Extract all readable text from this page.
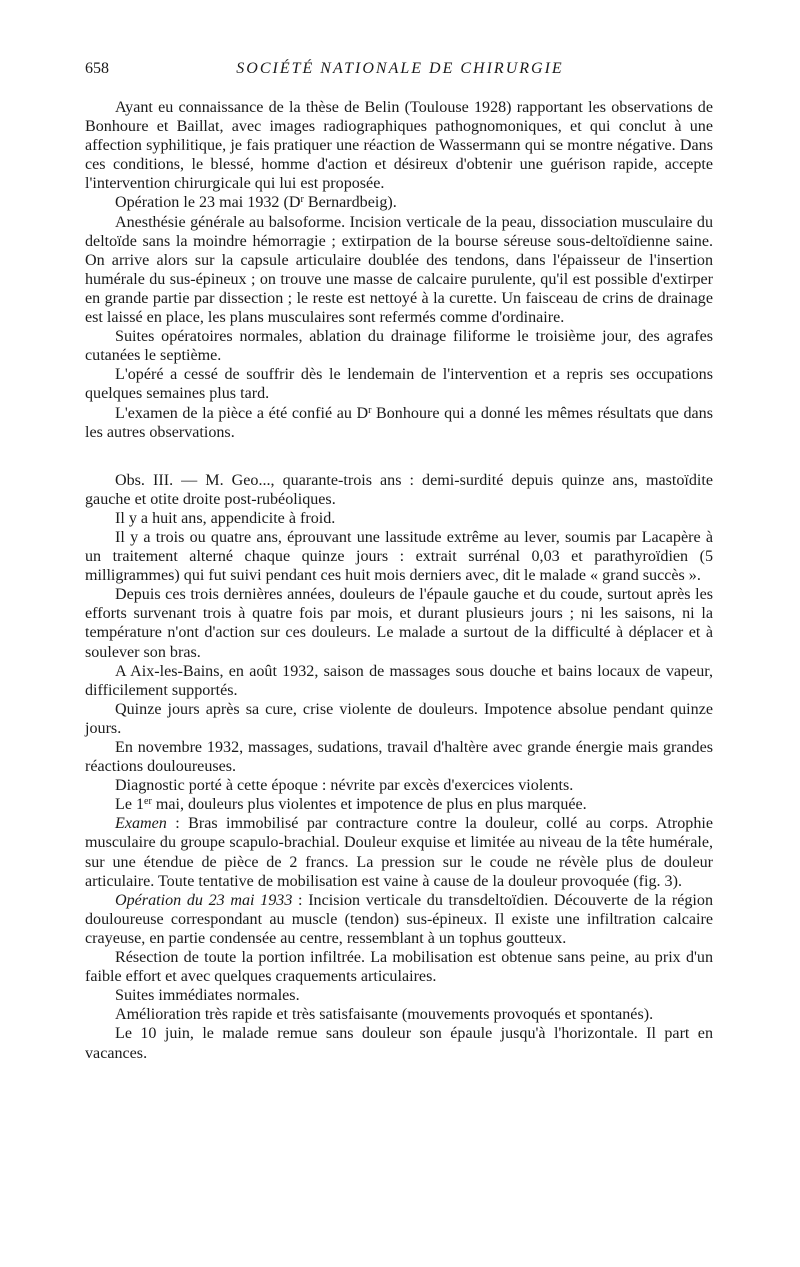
658	SOCIÉTÉ NATIONALE DE CHIRURGIE

Ayant eu connaissance de la thèse de Belin (Toulouse 1928) rapportant les observations de Bonhoure et Baillat, avec images radiographiques pathognomoniques, et qui conclut à une affection syphilitique, je fais pratiquer une réaction de Wassermann qui se montre négative. Dans ces conditions, le blessé, homme d'action et désireux d'obtenir une guérison rapide, accepte l'intervention chirurgicale qui lui est proposée.

Opération le 23 mai 1932 ($D^r$ Bernardbeig).

Anesthésie générale au balsoforme. Incision verticale de la peau, dissociation musculaire du deltoïde sans la moindre hémorragie ; extirpation de la bourse séreuse sous-deltoïdienne saine. On arrive alors sur la capsule articulaire doublée des tendons, dans l'épaisseur de l'insertion humérale du sus-épineux ; on trouve une masse de calcaire purulente, qu'il est possible d'extirper en grande partie par dissection ; le reste est nettoyé à la curette. Un faisceau de crins de drainage est laissé en place, les plans musculaires sont refermés comme d'ordinaire.

Suites opératoires normales, ablation du drainage filiforme le troisième jour, des agrafes cutanées le septième.

L'opéré a cessé de souffrir dès le lendemain de l'intervention et a repris ses occupations quelques semaines plus tard.

L'examen de la pièce a été confié au $D^r$ Bonhoure qui a donné les mêmes résultats que dans les autres observations.

Obs. III. — M. Geo..., quarante-trois ans : demi-surdité depuis quinze ans, mastoïdite gauche et otite droite post-rubéoliques.

Il y a huit ans, appendicite à froid.

Il y a trois ou quatre ans, éprouvant une lassitude extrême au lever, soumis par Lacapère à un traitement alterné chaque quinze jours : extrait surrénal 0,03 et parathyroïdien (5 milligrammes) qui fut suivi pendant ces huit mois derniers avec, dit le malade « grand succès ».

Depuis ces trois dernières années, douleurs de l'épaule gauche et du coude, surtout après les efforts survenant trois à quatre fois par mois, et durant plusieurs jours ; ni les saisons, ni la température n'ont d'action sur ces douleurs. Le malade a surtout de la difficulté à déplacer et à soulever son bras.

A Aix-les-Bains, en août 1932, saison de massages sous douche et bains locaux de vapeur, difficilement supportés.

Quinze jours après sa cure, crise violente de douleurs. Impotence absolue pendant quinze jours.

En novembre 1932, massages, sudations, travail d'haltère avec grande énergie mais grandes réactions douloureuses.

Diagnostic porté à cette époque : névrite par excès d'exercices violents.

Le 1er mai, douleurs plus violentes et impotence de plus en plus marquée.

Examen : Bras immobilisé par contracture contre la douleur, collé au corps. Atrophie musculaire du groupe scapulo-brachial. Douleur exquise et limitée au niveau de la tête humérale, sur une étendue de pièce de 2 francs. La pression sur le coude ne révèle plus de douleur articulaire. Toute tentative de mobilisation est vaine à cause de la douleur provoquée (fig. 3).

Opération du 23 mai 1933 : Incision verticale du transdeltoïdien. Découverte de la région douloureuse correspondant au muscle (tendon) sus-épineux. Il existe une infiltration calcaire crayeuse, en partie condensée au centre, ressemblant à un tophus goutteux.

Résection de toute la portion infiltrée. La mobilisation est obtenue sans peine, au prix d'un faible effort et avec quelques craquements articulaires.

Suites immédiates normales.

Amélioration très rapide et très satisfaisante (mouvements provoqués et spontanés).

Le 10 juin, le malade remue sans douleur son épaule jusqu'à l'horizontale. Il part en vacances.
